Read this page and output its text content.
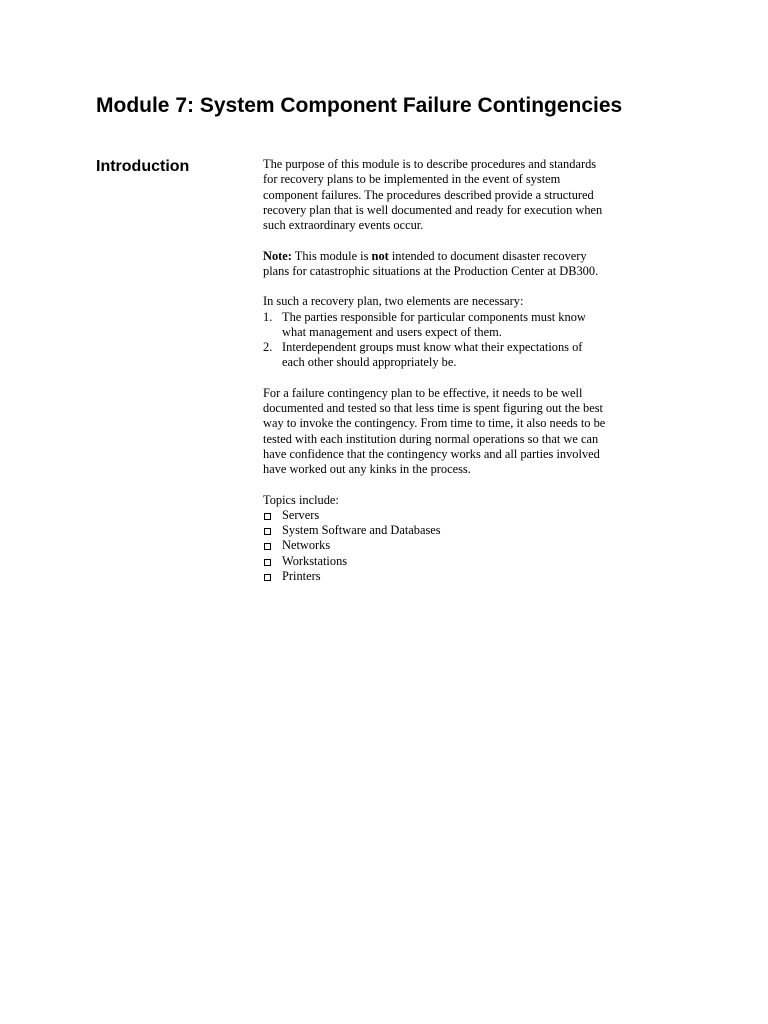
Module 7: System Component Failure Contingencies
Introduction	The purpose of this module is to describe procedures and standards for recovery plans to be implemented in the event of system component failures. The procedures described provide a structured recovery plan that is well documented and ready for execution when such extraordinary events occur.

Note: This module is not intended to document disaster recovery plans for catastrophic situations at the Production Center at DB300.

In such a recovery plan, two elements are necessary:

1. The parties responsible for particular components must know what management and users expect of them.
2. Interdependent groups must know what their expectations of each other should appropriately be.

For a failure contingency plan to be effective, it needs to be well documented and tested so that less time is spent figuring out the best way to invoke the contingency. From time to time, it also needs to be tested with each institution during normal operations so that we can have confidence that the contingency works and all parties involved have worked out any kinks in the process.

Topics include:

Servers
System Software and Databases
Networks
Workstations
Printers
